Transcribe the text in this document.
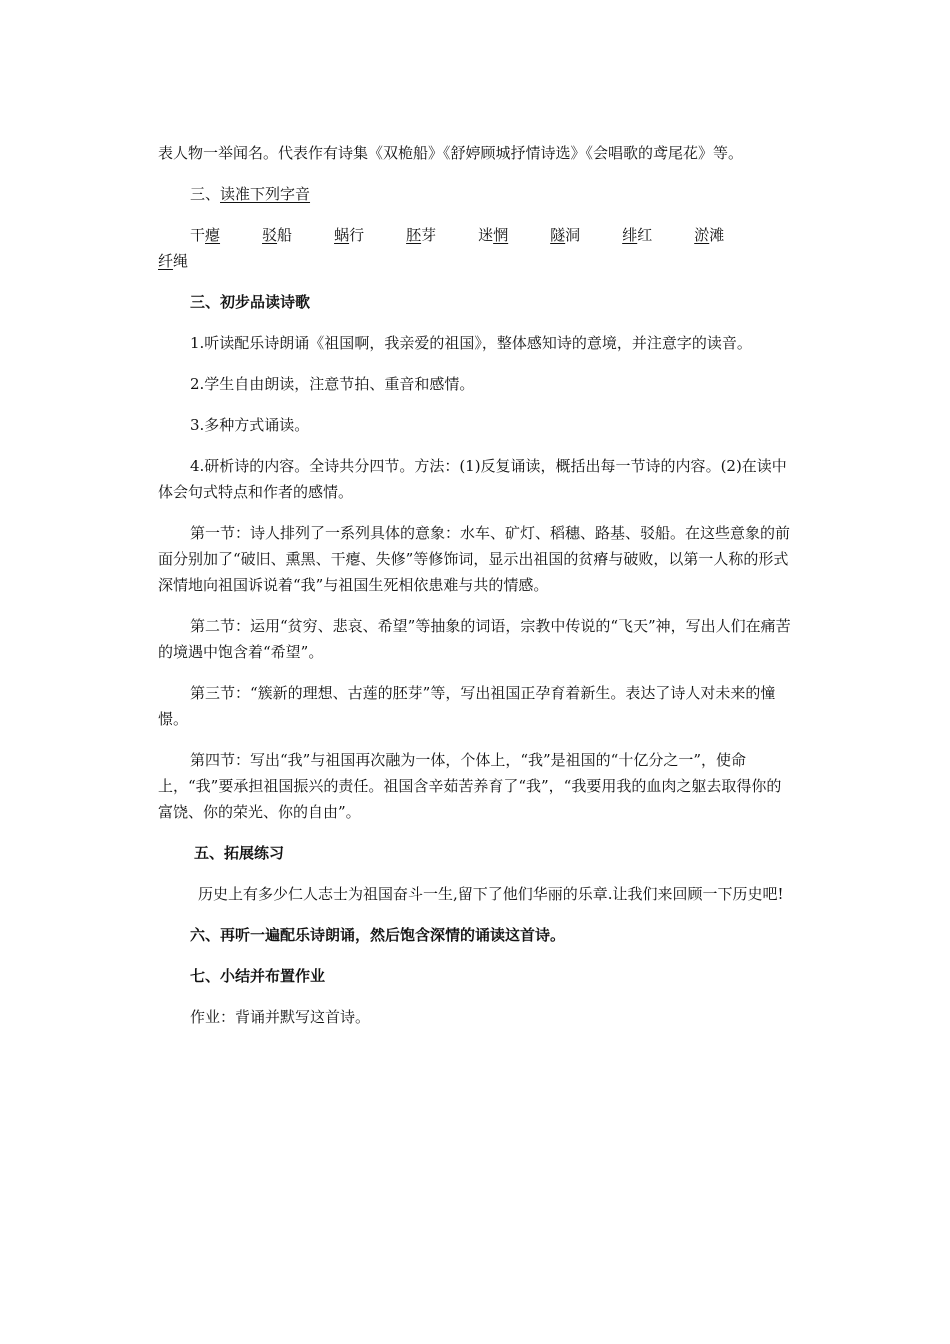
表人物一举闻名。代表作有诗集《双桅船》《舒婷顾城抒情诗选》《会唱歌的鸢尾花》等。

三、读准下列字音

干瘪	驳船	蜗行	胚芽	迷惘	隧洞	绯红	淤滩

纤绳

三、初步品读诗歌

1.听读配乐诗朗诵《祖国啊，我亲爱的祖国》，整体感知诗的意境，并注意字的读音。

2.学生自由朗读，注意节拍、重音和感情。

3.多种方式诵读。

4.研析诗的内容。全诗共分四节。方法：(1)反复诵读，概括出每一节诗的内容。(2)在读中体会句式特点和作者的感情。

第一节：诗人排列了一系列具体的意象：水车、矿灯、稻穗、路基、驳船。在这些意象的前面分别加了“破旧、熏黑、干瘪、失修”等修饰词，显示出祖国的贫瘠与破败，以第一人称的形式深情地向祖国诉说着“我”与祖国生死相依患难与共的情感。

第二节：运用“贫穷、悲哀、希望”等抽象的词语，宗教中传说的“飞天”神，写出人们在痛苦的境遇中饱含着“希望”。

第三节：“簇新的理想、古莲的胚芽”等，写出祖国正孕育着新生。表达了诗人对未来的憧憬。

第四节：写出“我”与祖国再次融为一体，个体上，“我”是祖国的“十亿分之一”，使命上，“我”要承担祖国振兴的责任。祖国含辛茹苦养育了“我”，“我要用我的血肉之躯去取得你的富饶、你的荣光、你的自由”。

五、拓展练习

历史上有多少仁人志士为祖国奋斗一生,留下了他们华丽的乐章.让我们来回顾一下历史吧!

六、再听一遍配乐诗朗诵，然后饱含深情的诵读这首诗。

七、小结并布置作业

作业：背诵并默写这首诗。
